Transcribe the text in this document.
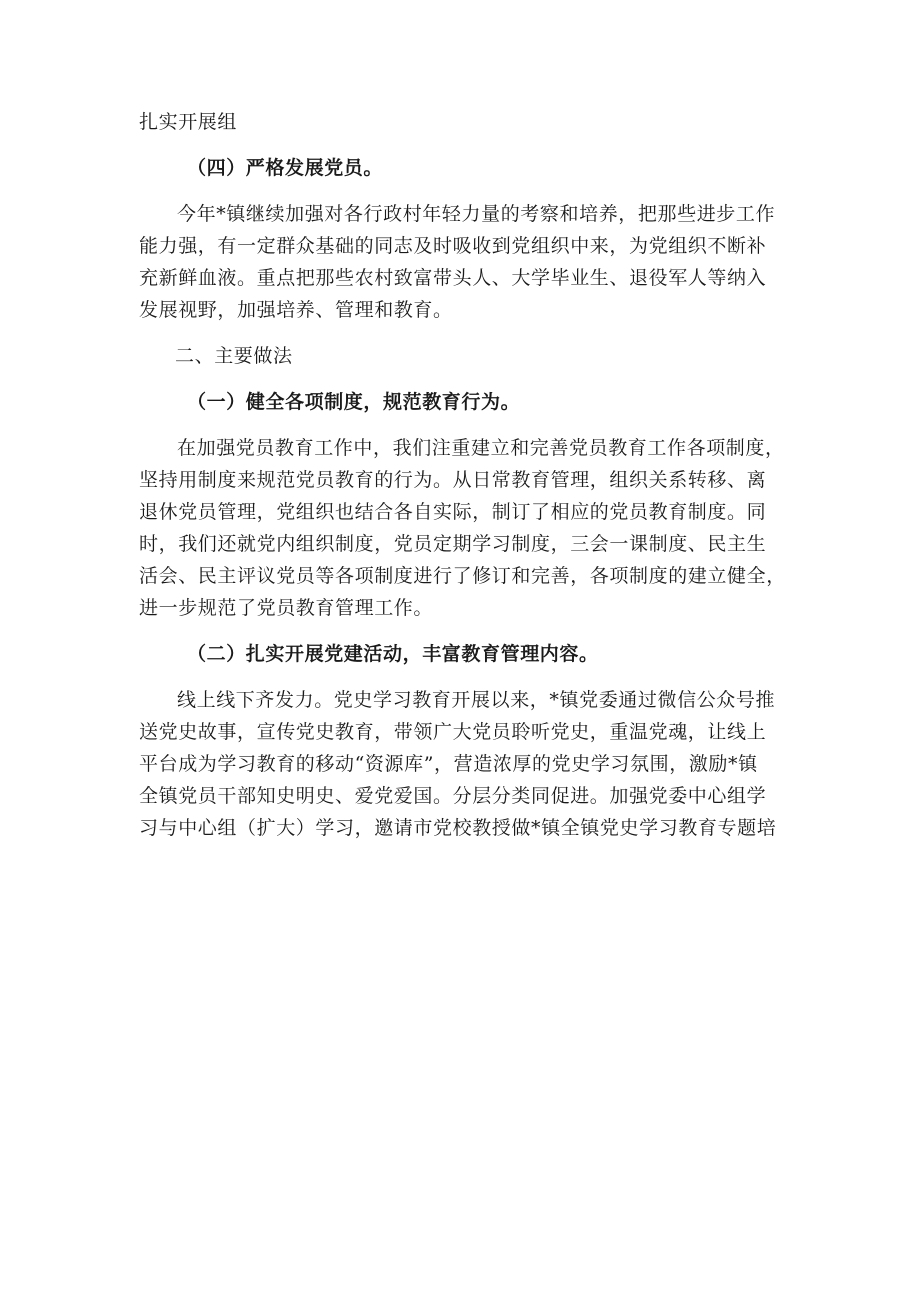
扎实开展组
（四）严格发展党员。
今年*镇继续加强对各行政村年轻力量的考察和培养，把那些进步工作
能力强，有一定群众基础的同志及时吸收到党组织中来，为党组织不断补
充新鲜血液。重点把那些农村致富带头人、大学毕业生、退役军人等纳入
发展视野，加强培养、管理和教育。
二、主要做法
（一）健全各项制度，规范教育行为。
在加强党员教育工作中，我们注重建立和完善党员教育工作各项制度，
坚持用制度来规范党员教育的行为。从日常教育管理，组织关系转移、离
退休党员管理，党组织也结合各自实际，制订了相应的党员教育制度。同
时，我们还就党内组织制度，党员定期学习制度，三会一课制度、民主生
活会、民主评议党员等各项制度进行了修订和完善，各项制度的建立健全，
进一步规范了党员教育管理工作。
（二）扎实开展党建活动，丰富教育管理内容。
线上线下齐发力。党史学习教育开展以来，*镇党委通过微信公众号推
送党史故事，宣传党史教育，带领广大党员聆听党史，重温党魂，让线上
平台成为学习教育的移动“资源库”，营造浓厚的党史学习氛围，激励*镇
全镇党员干部知史明史、爱党爱国。分层分类同促进。加强党委中心组学
习与中心组（扩大）学习，邀请市党校教授做*镇全镇党史学习教育专题培
